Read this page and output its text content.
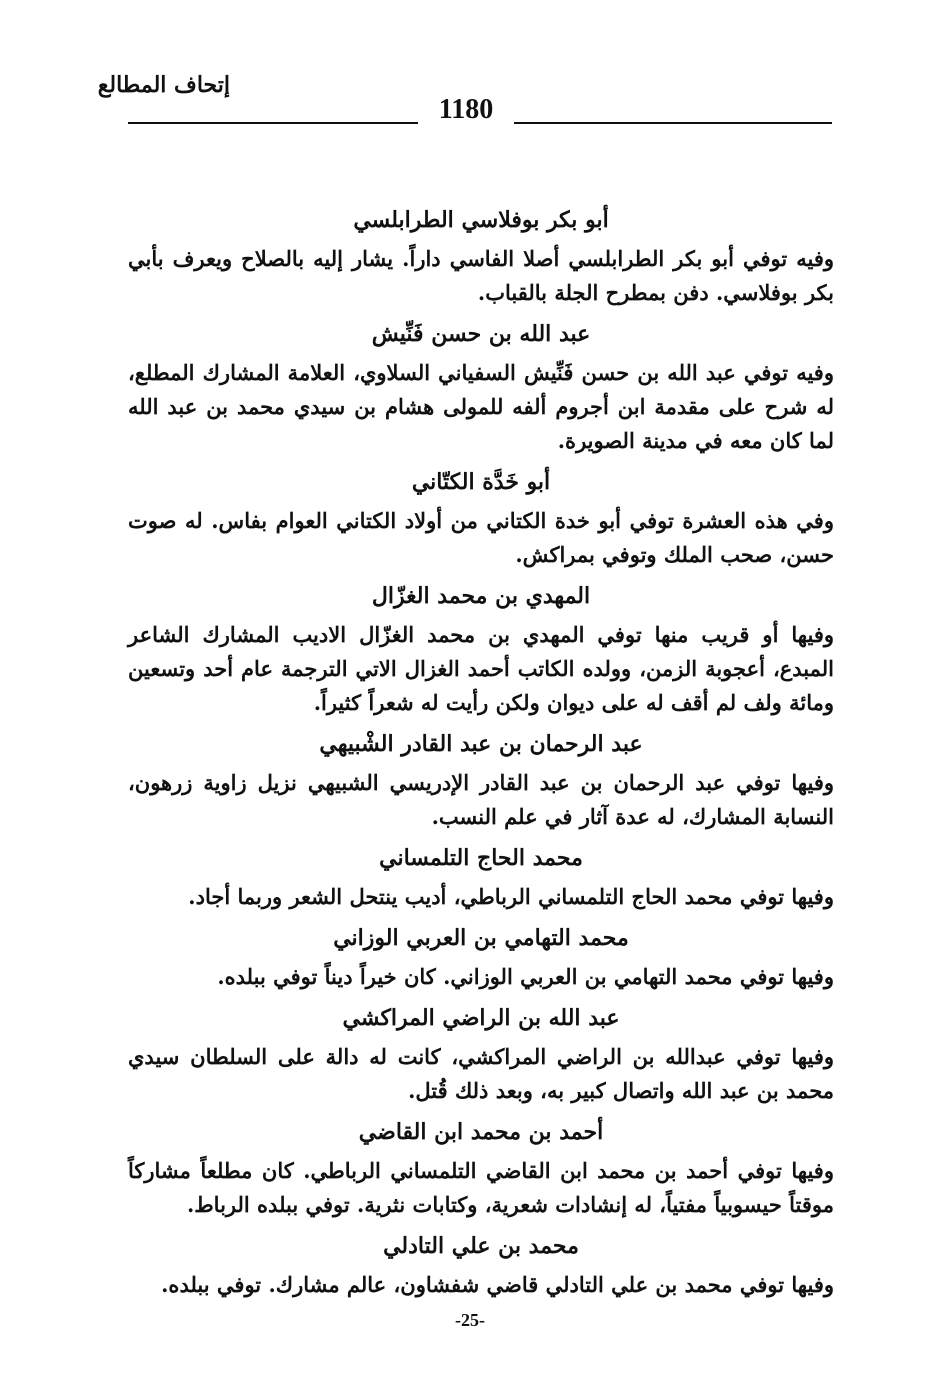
إتحاف المطالع
1180
أبو بكر بوفلاسي الطرابلسي
وفيه توفي أبو بكر الطرابلسي أصلا الفاسي داراً. يشار إليه بالصلاح ويعرف بأبي بكر بوفلاسي. دفن بمطرح الجلة بالقباب.
عبد الله بن حسن فَنِّيش
وفيه توفي عبد الله بن حسن فَنِّيش السفياني السلاوي، العلامة المشارك المطلع، له شرح على مقدمة ابن أجروم ألفه للمولى هشام بن سيدي محمد بن عبد الله لما كان معه في مدينة الصويرة.
أبو خَدَّة الكتّاني
وفي هذه العشرة توفي أبو خدة الكتاني من أولاد الكتاني العوام بفاس. له صوت حسن، صحب الملك وتوفي بمراكش.
المهدي بن محمد الغزّال
وفيها أو قريب منها توفي المهدي بن محمد الغزّال الاديب المشارك الشاعر المبدع، أعجوبة الزمن، وولده الكاتب أحمد الغزال الاتي الترجمة عام أحد وتسعين ومائة ولف لم أقف له على ديوان ولكن رأيت له شعراً كثيراً.
عبد الرحمان بن عبد القادر الشْبيهي
وفيها توفي عبد الرحمان بن عبد القادر الإدريسي الشبيهي نزيل زاوية زرهون، النسابة المشارك، له عدة آثار في علم النسب.
محمد الحاج التلمساني
وفيها توفي محمد الحاج التلمساني الرباطي، أديب ينتحل الشعر وربما أجاد.
محمد التهامي بن العربي الوزاني
وفيها توفي محمد التهامي بن العربي الوزاني. كان خيراً ديناً توفي ببلده.
عبد الله بن الراضي المراكشي
وفيها توفي عبدالله بن الراضي المراكشي، كانت له دالة على السلطان سيدي محمد بن عبد الله واتصال كبير به، وبعد ذلك قُتل.
أحمد بن محمد ابن القاضي
وفيها توفي أحمد بن محمد ابن القاضي التلمساني الرباطي. كان مطلعاً مشاركاً موقتاً حيسوبياً مفتياً، له إنشادات شعرية، وكتابات نثرية. توفي ببلده الرباط.
محمد بن علي التادلي
وفيها توفي محمد بن علي التادلي قاضي شفشاون، عالم مشارك. توفي ببلده.
-25-
